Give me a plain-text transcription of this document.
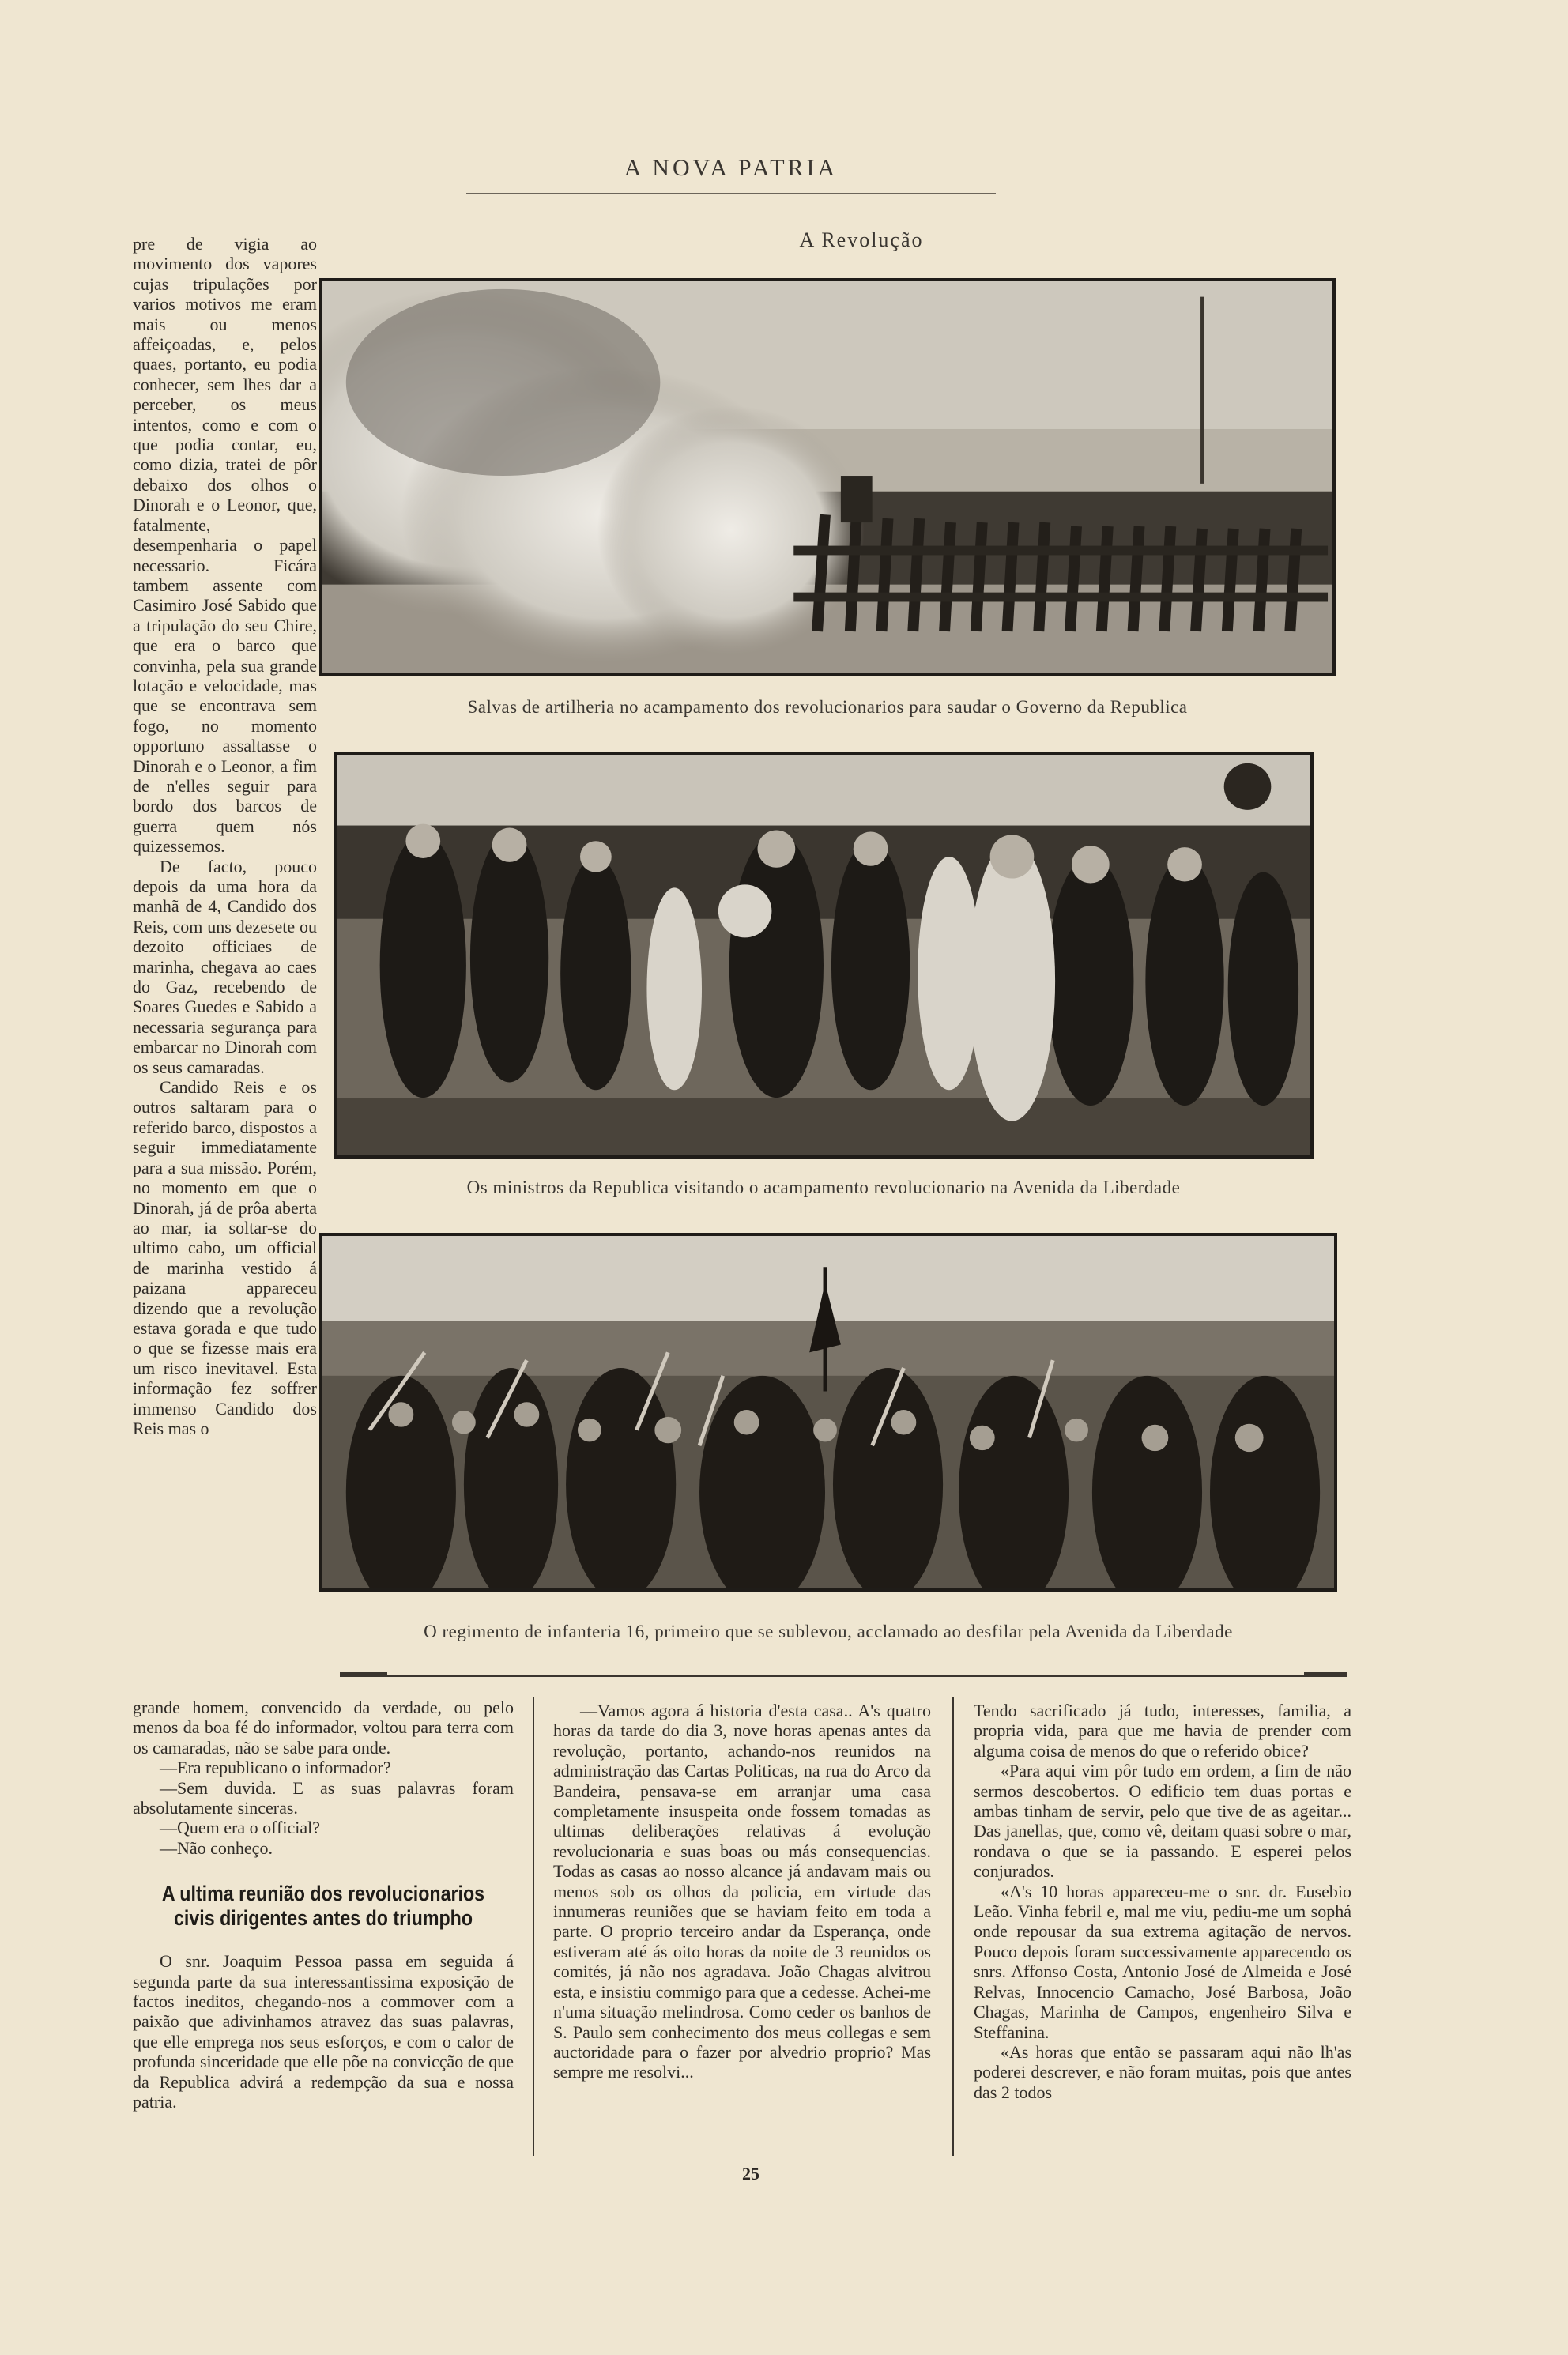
A NOVA PATRIA
A Revolução

pre de vigia ao movimento dos vapores cujas tripulações por varios motivos me eram mais ou menos affeiçoadas, e, pelos quaes, portanto, eu podia conhecer, sem lhes dar a perceber, os meus intentos, como e com o que podia contar, eu, como dizia, tratei de pôr debaixo dos olhos o Dinorah e o Leonor, que, fatalmente, desempenharia o papel necessario. Ficára tambem assente com Casimiro José Sabido que a tripulação do seu Chire, que era o barco que convinha, pela sua grande lotação e velocidade, mas que se encontrava sem fogo, no momento opportuno assaltasse o Dinorah e o Leonor, a fim de n'elles seguir para bordo dos barcos de guerra quem nós quizessemos.

De facto, pouco depois da uma hora da manhã de 4, Candido dos Reis, com uns dezesete ou dezoito officiaes de marinha, chegava ao caes do Gaz, recebendo de Soares Guedes e Sabido a necessaria segurança para embarcar no Dinorah com os seus camaradas.

Candido Reis e os outros saltaram para o referido barco, dispostos a seguir immediatamente para a sua missão. Porém, no momento em que o Dinorah, já de prôa aberta ao mar, ia soltar-se do ultimo cabo, um official de marinha vestido á paizana appareceu dizendo que a revolução estava gorada e que tudo o que se fizesse mais era um risco inevitavel. Esta informação fez soffrer immenso Candido dos Reis mas o

Salvas de artilheria no acampamento dos revolucionarios para saudar o Governo da Republica
Os ministros da Republica visitando o acampamento revolucionario na Avenida da Liberdade
O regimento de infanteria 16, primeiro que se sublevou, acclamado ao desfilar pela Avenida da Liberdade

grande homem, convencido da verdade, ou pelo menos da boa fé do informador, voltou para terra com os camaradas, não se sabe para onde.

—Era republicano o informador?

—Sem duvida. E as suas palavras foram absolutamente sinceras.

—Quem era o official?

—Não conheço.

A ultima reunião dos revolucionarios civis dirigentes antes do triumpho

O snr. Joaquim Pessoa passa em seguida á segunda parte da sua interessantissima exposição de factos ineditos, chegando-nos a commover com a paixão que adivinhamos atravez das suas palavras, que elle emprega nos seus esforços, e com o calor de profunda sinceridade que elle põe na convicção de que da Republica advirá a redempção da sua e nossa patria.

—Vamos agora á historia d'esta casa.. A's quatro horas da tarde do dia 3, nove horas apenas antes da revolução, portanto, achando-nos reunidos na administração das Cartas Politicas, na rua do Arco da Bandeira, pensava-se em arranjar uma casa completamente insuspeita onde fossem tomadas as ultimas deliberações relativas á evolução revolucionaria e suas boas ou más consequencias. Todas as casas ao nosso alcance já andavam mais ou menos sob os olhos da policia, em virtude das innumeras reuniões que se haviam feito em toda a parte. O proprio terceiro andar da Esperança, onde estiveram até ás oito horas da noite de 3 reunidos os comités, já não nos agradava. João Chagas alvitrou esta, e insistiu commigo para que a cedesse. Achei-me n'uma situação melindrosa. Como ceder os banhos de S. Paulo sem conhecimento dos meus collegas e sem auctoridade para o fazer por alvedrio proprio? Mas sempre me resolvi...

Tendo sacrificado já tudo, interesses, familia, a propria vida, para que me havia de prender com alguma coisa de menos do que o referido obice?

«Para aqui vim pôr tudo em ordem, a fim de não sermos descobertos. O edificio tem duas portas e ambas tinham de servir, pelo que tive de as ageitar... Das janellas, que, como vê, deitam quasi sobre o mar, rondava o que se ia passando. E esperei pelos conjurados.

«A's 10 horas appareceu-me o snr. dr. Eusebio Leão. Vinha febril e, mal me viu, pediu-me um sophá onde repousar da sua extrema agitação de nervos. Pouco depois foram successivamente apparecendo os snrs. Affonso Costa, Antonio José de Almeida e José Relvas, Innocencio Camacho, José Barbosa, João Chagas, Marinha de Campos, engenheiro Silva e Steffanina.

«As horas que então se passaram aqui não lh'as poderei descrever, e não foram muitas, pois que antes das 2 todos

25
